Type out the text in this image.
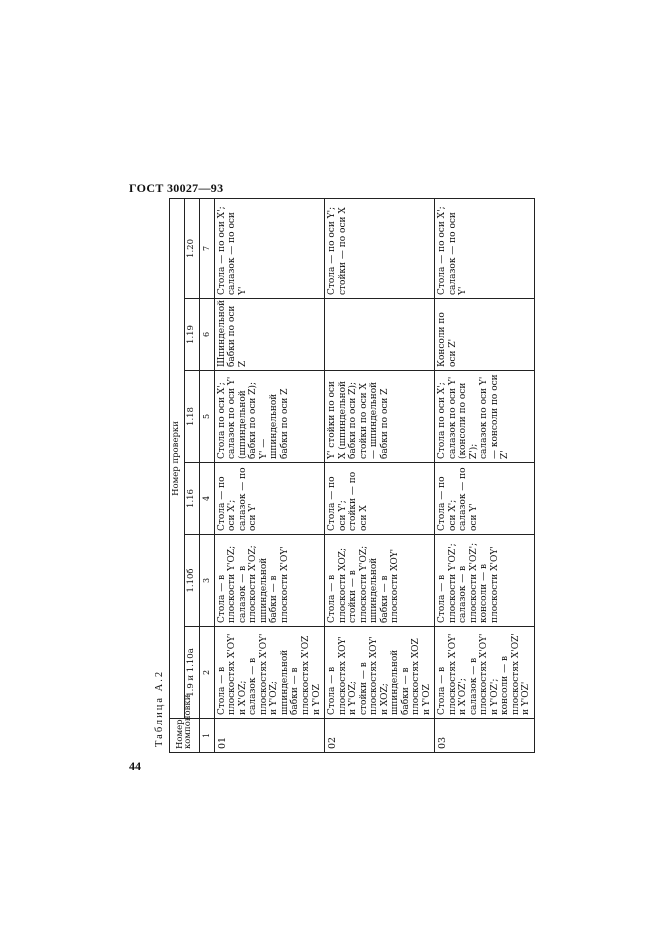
ГОСТ 30027—93
44
Таблица А.2 Номер компоновки	Номер проверки					
	1.9 и 1.10а	1.10б	1.16	1.18	1.19	1.20
1	2	3	4	5	6	7
01	Стола — в плоскостях X'OY' и X'OZ;
салазок — в плоскостях X'OY' и Y'OZ;
шпиндельной бабки — в плоскостях X'OZ и Y'OZ	Стола — в плоскости Y'OZ;
салазок — в плоскости X'OZ;
шпиндельной бабки — в плоскости X'OY'	Стола — по оси X';
салазок — по оси Y'	Стола по оси X'; салазок по оси Y' (шпиндельной бабки по оси Z);
Y' — шпиндельной бабки по оси Z	Шпиндельной бабки по оси Z	Стола — по оси X';
салазок — по оси Y'
02	Стола — в плоскостях XOY' и Y'OZ;
стойки — в плоскостях XOY' и XOZ;
шпиндельной бабки — в плоскостях XOZ и Y'OZ	Стола — в плоскости XOZ;
стойки — в плоскости Y'OZ;
шпиндельной бабки — в плоскости XOY'	Стола — по оси Y';
стойки — по оси X	Y' стойки по оси X (шпиндельной бабки по оси Z);
стойки по оси X — шпиндельной бабки по оси Z		Стола — по оси Y';
стойки — по оси X
03	Стола — в плоскостях X'OY' и X'OZ';
салазок — в плоскостях X'OY' и Y'OZ';
консоли — в плоскостях X'OZ' и Y'OZ'	Стола — в плоскости Y'OZ';
салазок — в плоскости X'OZ';
консоли — в плоскости X'OY'	Стола — по оси X';
салазок — по оси Y'	Стола по оси X'; салазок по оси Y' (консоли по оси Z');
салазок по оси Y' — консоли по оси Z'	Консоли по оси Z'	Стола — по оси X';
салазок — по оси Y'
